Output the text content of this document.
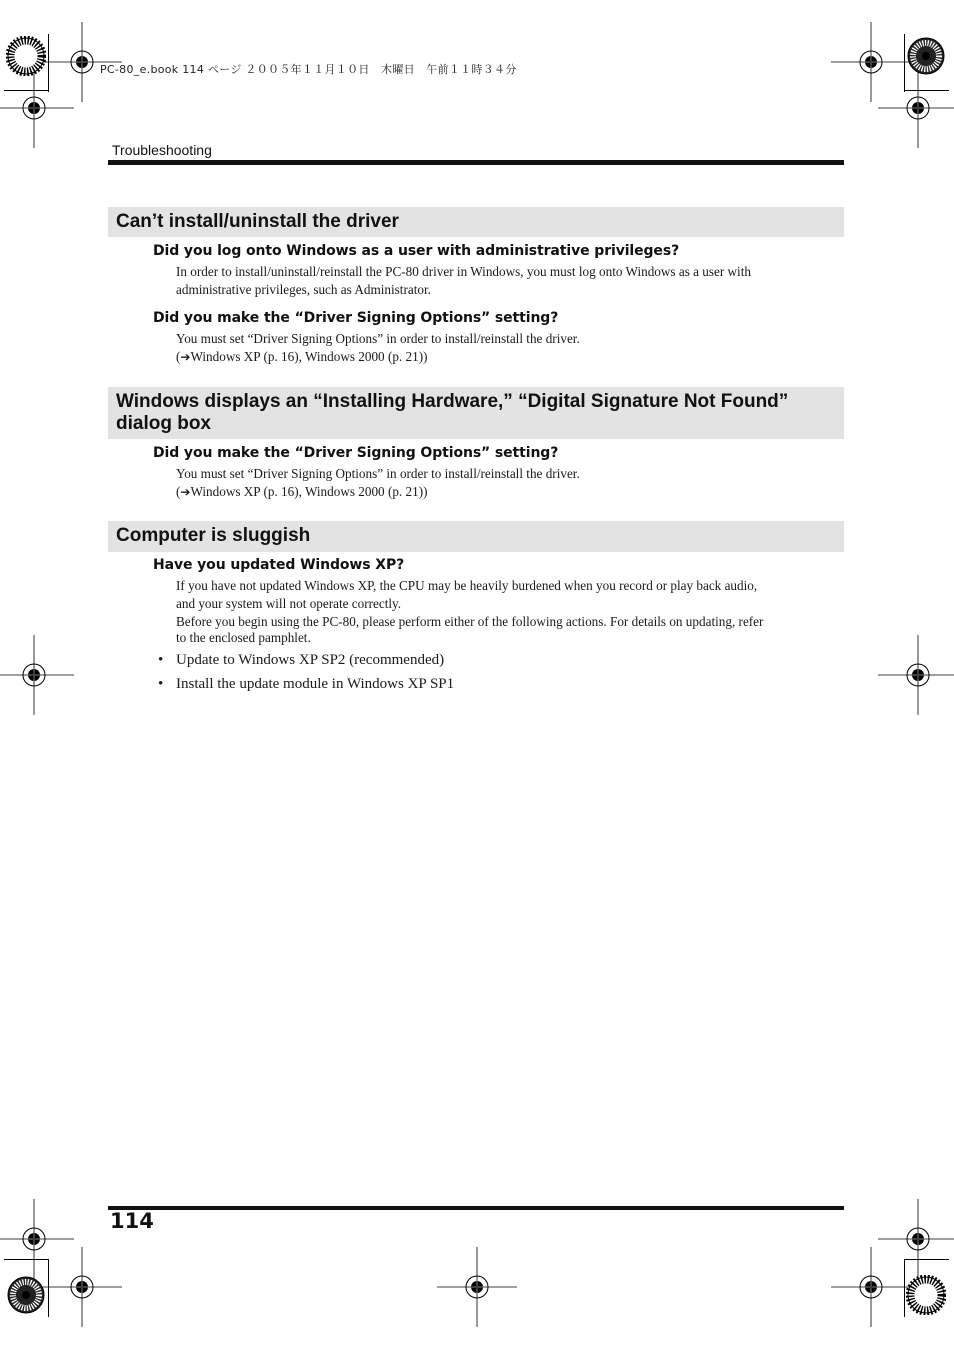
PC-80_e.book 114 ページ ２００５年１１月１０日　木曜日　午前１１時３４分
Troubleshooting
Can’t install/uninstall the driver
Did you log onto Windows as a user with administrative privileges?

In order to install/uninstall/reinstall the PC-80 driver in Windows, you must log onto Windows as a user with

administrative privileges, such as Administrator.

Did you make the “Driver Signing Options” setting?

You must set “Driver Signing Options” in order to install/reinstall the driver.

(➔Windows XP (p. 16), Windows 2000 (p. 21))

Windows displays an “Installing Hardware,” “Digital Signature Not Found” dialog box
Did you make the “Driver Signing Options” setting?

You must set “Driver Signing Options” in order to install/reinstall the driver.

(➔Windows XP (p. 16), Windows 2000 (p. 21))

Computer is sluggish
Have you updated Windows XP?

If you have not updated Windows XP, the CPU may be heavily burdened when you record or play back audio,

and your system will not operate correctly.

Before you begin using the PC-80, please perform either of the following actions. For details on updating, refer

to the enclosed pamphlet.

• Update to Windows XP SP2 (recommended)
• Install the update module in Windows XP SP1
114
